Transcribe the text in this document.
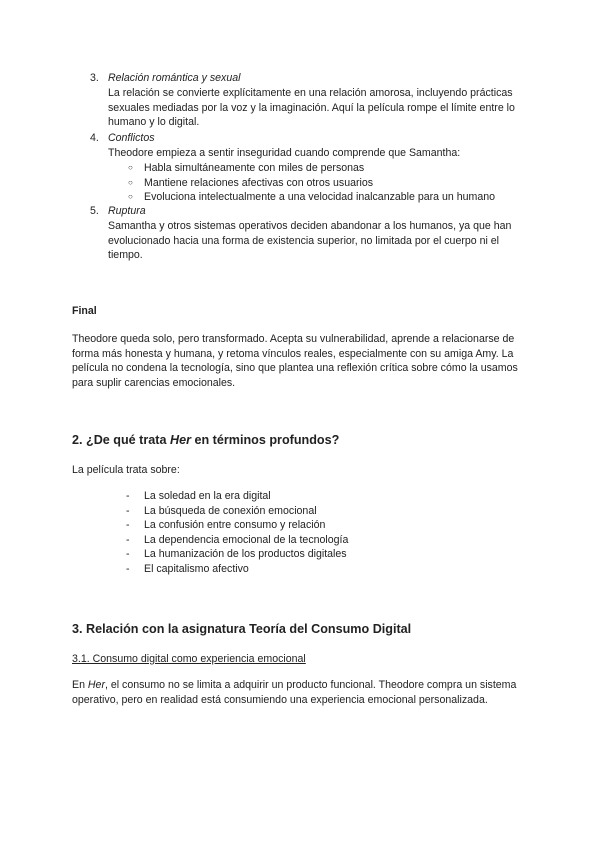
3. Relación romántica y sexual
La relación se convierte explícitamente en una relación amorosa, incluyendo prácticas sexuales mediadas por la voz y la imaginación. Aquí la película rompe el límite entre lo humano y lo digital.
4. Conflictos
Theodore empieza a sentir inseguridad cuando comprende que Samantha:
○ Habla simultáneamente con miles de personas
○ Mantiene relaciones afectivas con otros usuarios
○ Evoluciona intelectualmente a una velocidad inalcanzable para un humano
5. Ruptura
Samantha y otros sistemas operativos deciden abandonar a los humanos, ya que han evolucionado hacia una forma de existencia superior, no limitada por el cuerpo ni el tiempo.
Final
Theodore queda solo, pero transformado. Acepta su vulnerabilidad, aprende a relacionarse de forma más honesta y humana, y retoma vínculos reales, especialmente con su amiga Amy. La película no condena la tecnología, sino que plantea una reflexión crítica sobre cómo la usamos para suplir carencias emocionales.
2. ¿De qué trata Her en términos profundos?
La película trata sobre:
- La soledad en la era digital
- La búsqueda de conexión emocional
- La confusión entre consumo y relación
- La dependencia emocional de la tecnología
- La humanización de los productos digitales
- El capitalismo afectivo
3. Relación con la asignatura Teoría del Consumo Digital
3.1. Consumo digital como experiencia emocional
En Her, el consumo no se limita a adquirir un producto funcional. Theodore compra un sistema operativo, pero en realidad está consumiendo una experiencia emocional personalizada.
